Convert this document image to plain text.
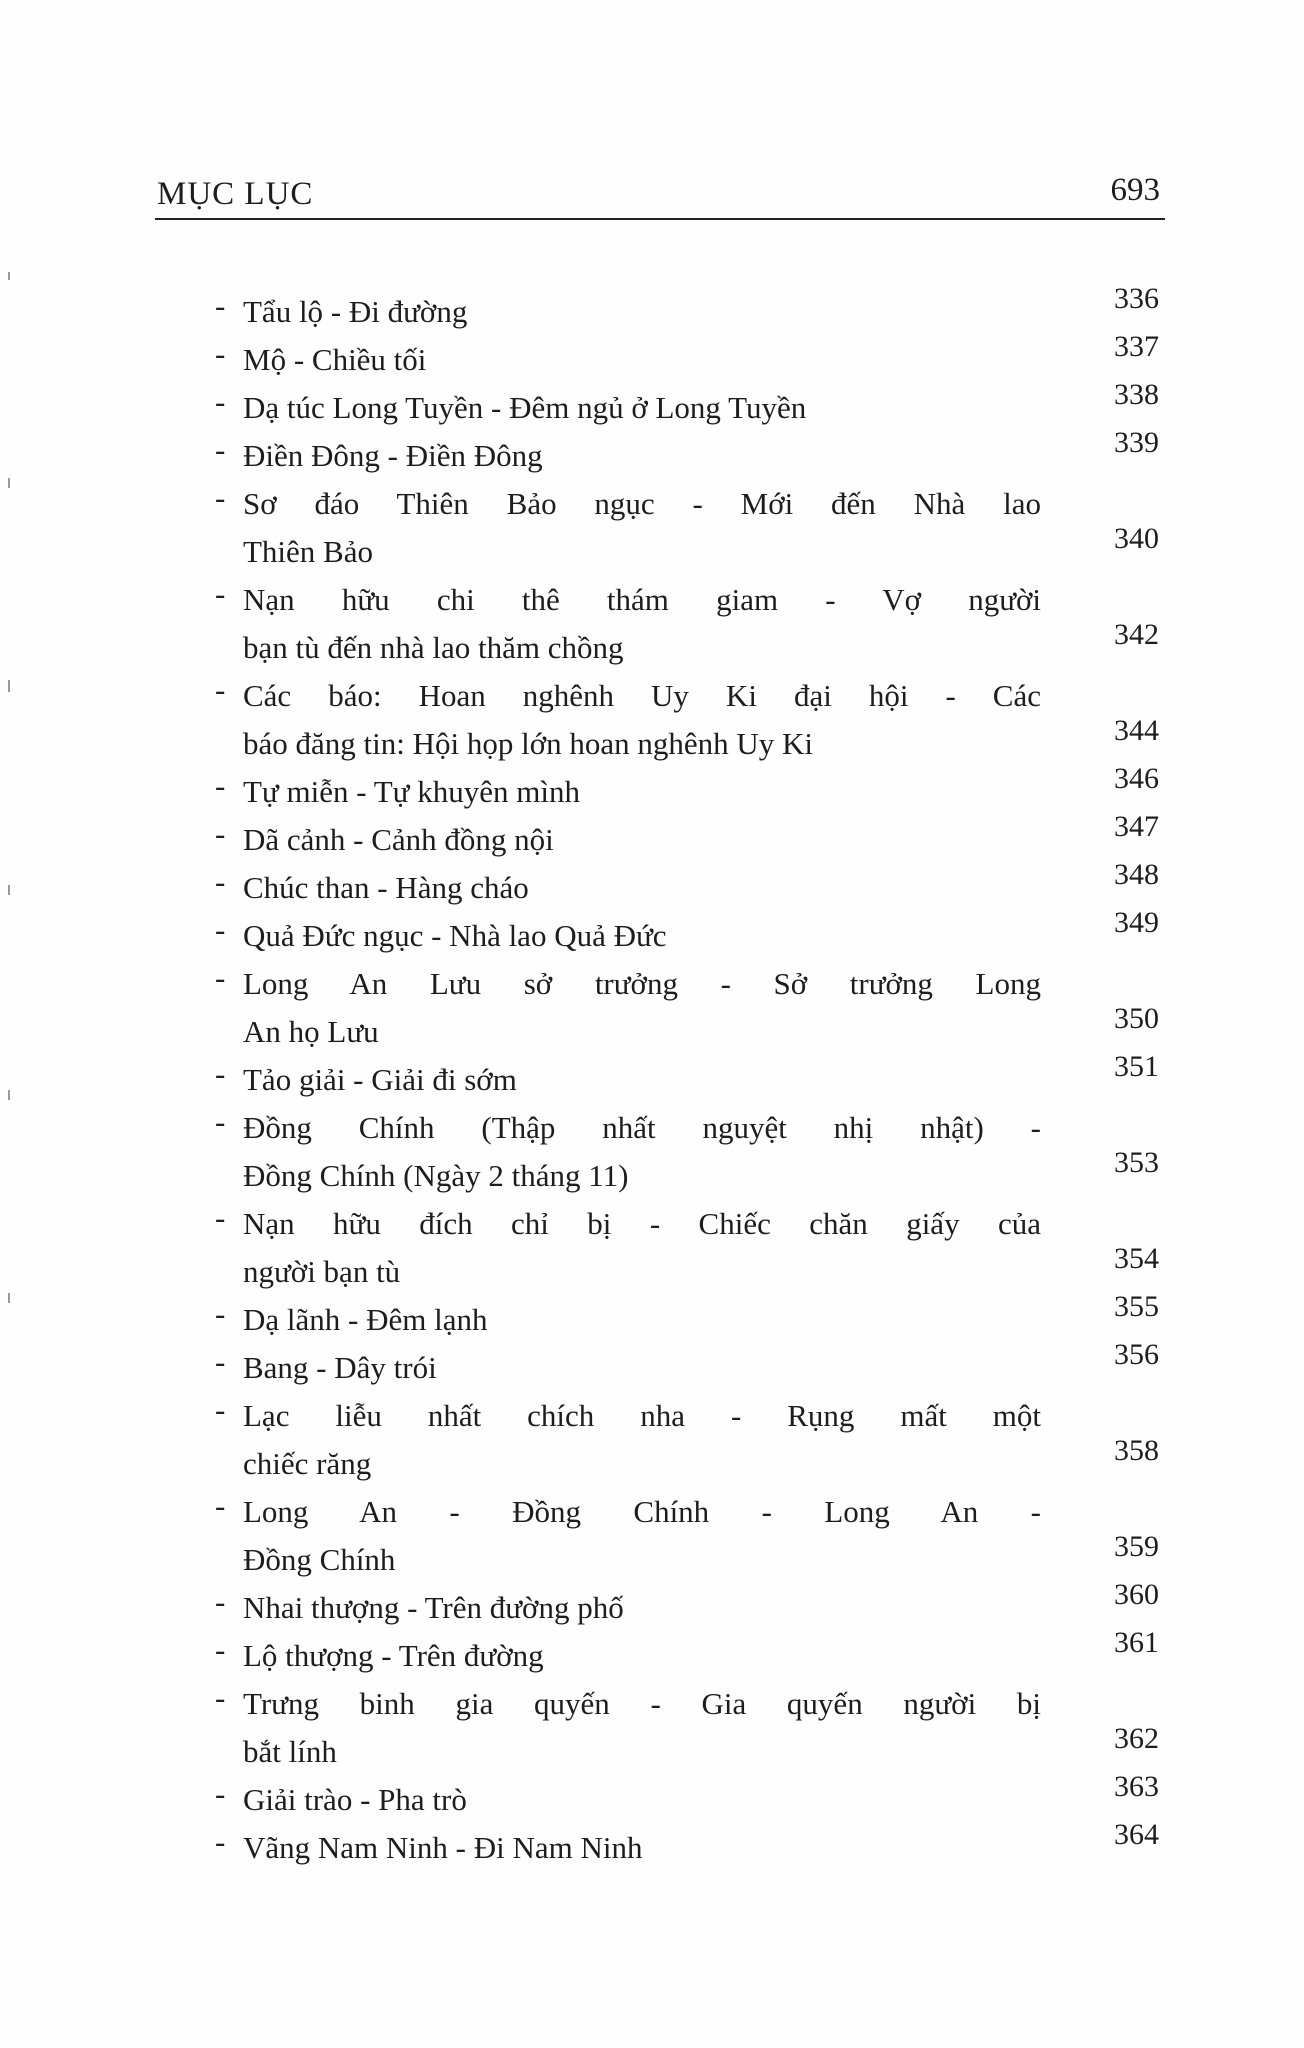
MỤC LỤC	693
- Tẩu lộ - Đi đường	336
- Mộ - Chiều tối	337
- Dạ túc Long Tuyền - Đêm ngủ ở Long Tuyền	338
- Điền Đông - Điền Đông	339
- Sơ đáo Thiên Bảo ngục - Mới đến Nhà lao
Thiên Bảo	340
- Nạn hữu chi thê thám giam - Vợ người
bạn tù đến nhà lao thăm chồng	342
- Các báo: Hoan nghênh Uy Ki đại hội - Các
báo đăng tin: Hội họp lớn hoan nghênh Uy Ki	344
- Tự miễn - Tự khuyên mình	346
- Dã cảnh - Cảnh đồng nội	347
- Chúc than - Hàng cháo	348
- Quả Đức ngục - Nhà lao Quả Đức	349
- Long An Lưu sở trưởng - Sở trưởng Long
An họ Lưu	350
- Tảo giải - Giải đi sớm	351
- Đồng Chính (Thập nhất nguyệt nhị nhật) -
Đồng Chính (Ngày 2 tháng 11)	353
- Nạn hữu đích chỉ bị - Chiếc chăn giấy của
người bạn tù	354
- Dạ lãnh - Đêm lạnh	355
- Bang - Dây trói	356
- Lạc liễu nhất chích nha - Rụng mất một
chiếc răng	358
- Long An - Đồng Chính - Long An -
Đồng Chính	359
- Nhai thượng - Trên đường phố	360
- Lộ thượng - Trên đường	361
- Trưng binh gia quyến - Gia quyến người bị
bắt lính	362
- Giải trào - Pha trò	363
- Vãng Nam Ninh - Đi Nam Ninh	364
